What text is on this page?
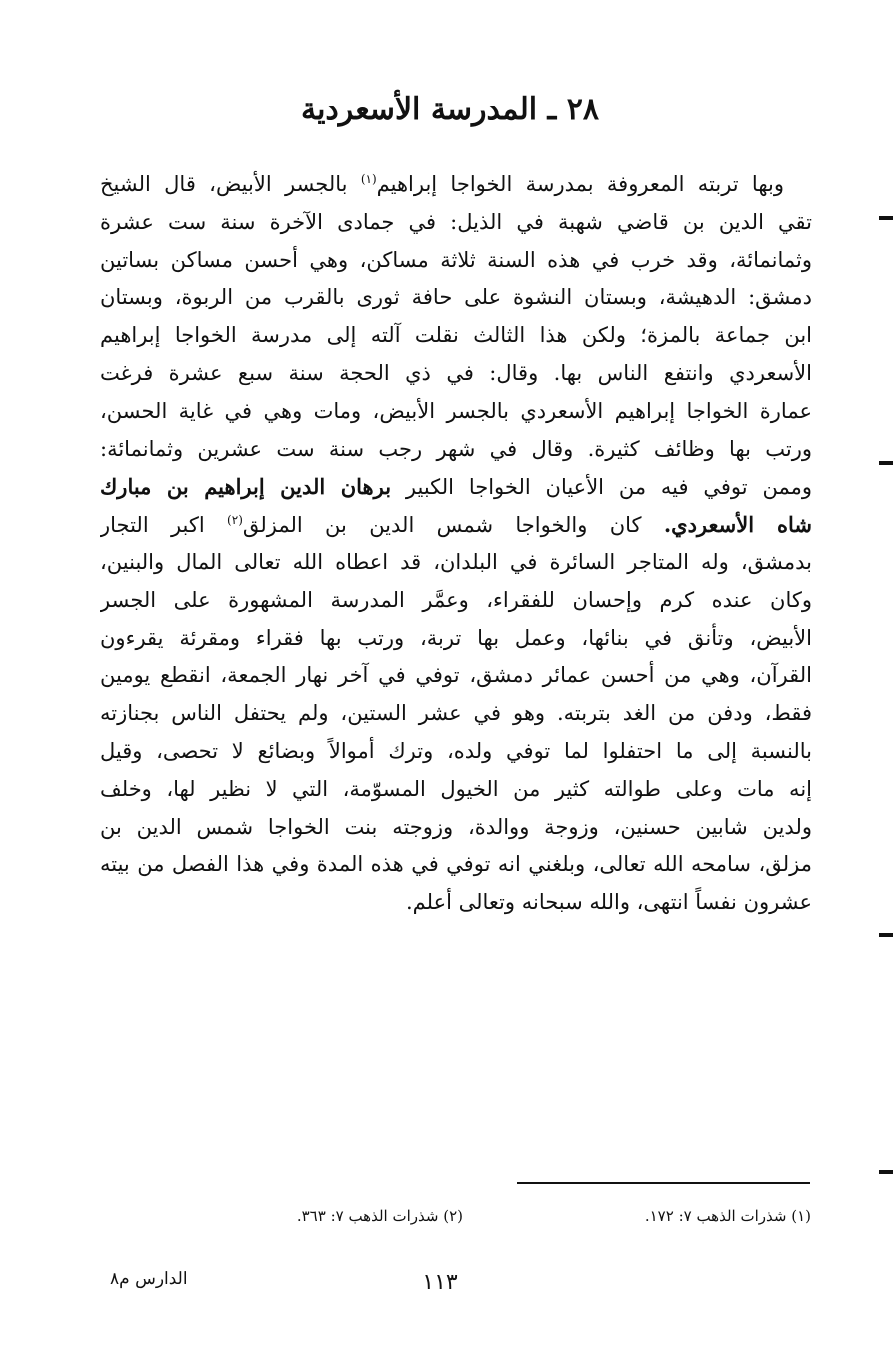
٢٨ ـ المدرسة الأسعردية
وبها تربته المعروفة بمدرسة الخواجا إبراهيم$^{(١)}$ بالجسر الأبيض، قال الشيخ
تقي الدين بن قاضي شهبة في الذيل: في جمادى الآخرة سنة ست عشرة
وثمانمائة، وقد خرب في هذه السنة ثلاثة مساكن، وهي أحسن مساكن بساتين
دمشق: الدهيشة، وبستان النشوة على حافة ثورى بالقرب من الربوة، وبستان
ابن جماعة بالمزة؛ ولكن هذا الثالث نقلت آلته إلى مدرسة الخواجا إبراهيم
الأسعردي وانتفع الناس بها. وقال: في ذي الحجة سنة سبع عشرة فرغت
عمارة الخواجا إبراهيم الأسعردي بالجسر الأبيض، ومات وهي في غاية الحسن،
ورتب بها وظائف كثيرة. وقال في شهر رجب سنة ست عشرين وثمانمائة:
وممن توفي فيه من الأعيان الخواجا الكبير برهان الدين إبراهيم بن مبارك
شاه الأسعردي. كان والخواجا شمس الدين بن المزلق$^{(٢)}$ اكبر التجار
بدمشق، وله المتاجر السائرة في البلدان، قد اعطاه الله تعالى المال والبنين،
وكان عنده كرم وإحسان للفقراء، وعمَّر المدرسة المشهورة على الجسر
الأبيض، وتأنق في بنائها، وعمل بها تربة، ورتب بها فقراء ومقرئة يقرءون
القرآن، وهي من أحسن عمائر دمشق، توفي في آخر نهار الجمعة، انقطع يومين
فقط، ودفن من الغد بتربته. وهو في عشر الستين، ولم يحتفل الناس بجنازته
بالنسبة إلى ما احتفلوا لما توفي ولده، وترك أموالاً وبضائع لا تحصى، وقيل
إنه مات وعلى طوالته كثير من الخيول المسوّمة، التي لا نظير لها، وخلف
ولدين شابين حسنين، وزوجة ووالدة، وزوجته بنت الخواجا شمس الدين بن
مزلق، سامحه الله تعالى، وبلغني انه توفي في هذه المدة وفي هذا الفصل من بيته
عشرون نفساً انتهى، والله سبحانه وتعالى أعلم.
(١) شذرات الذهب ٧: ١٧٢.
(٢) شذرات الذهب ٧: ٣٦٣.
١١٣
الدارس م٨
